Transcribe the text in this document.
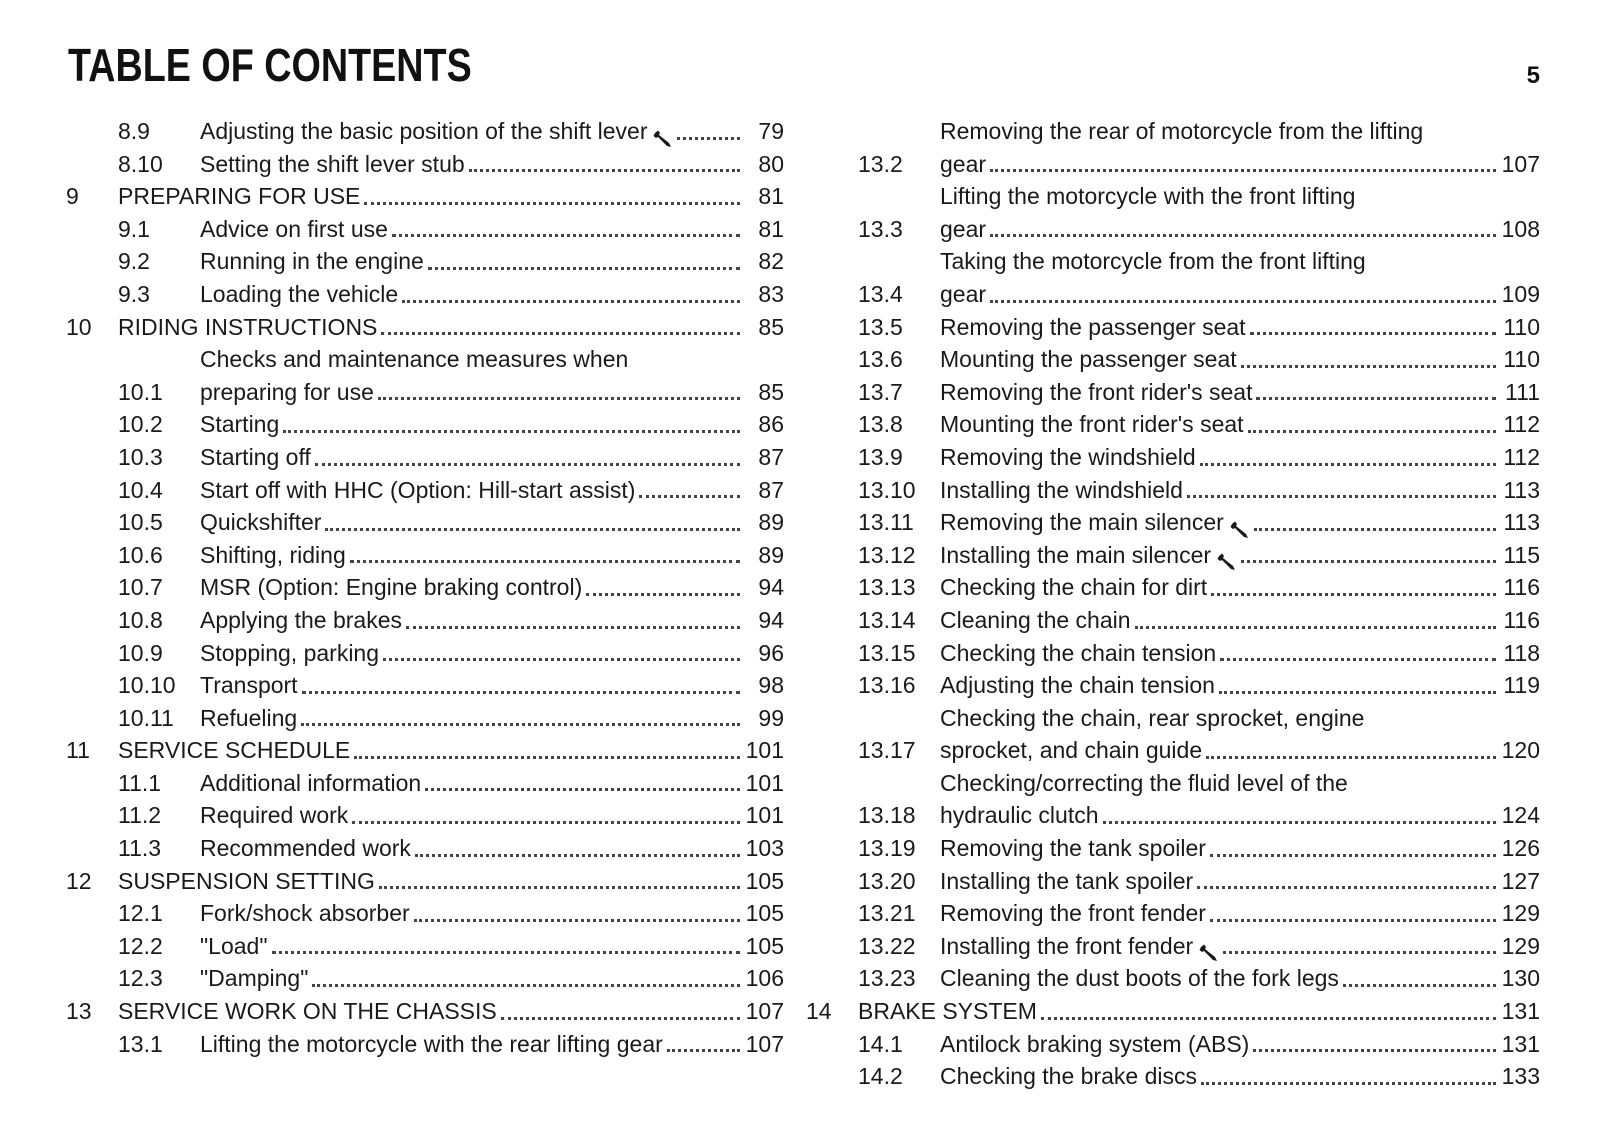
TABLE OF CONTENTS	5
8.9	Adjusting the basic position of the shift lever	79
8.10	Setting the shift lever stub	80
9	PREPARING FOR USE	81
9.1	Advice on first use	81
9.2	Running in the engine	82
9.3	Loading the vehicle	83
10	RIDING INSTRUCTIONS	85
10.1
Checks and maintenance measures when
preparing for use	85
10.2	Starting	86
10.3	Starting off	87
10.4	Start off with HHC (Option: Hill-start assist)	87
10.5	Quickshifter	89
10.6	Shifting, riding	89
10.7	MSR (Option: Engine braking control)	94
10.8	Applying the brakes	94
10.9	Stopping, parking	96
10.10	Transport	98
10.11	Refueling	99
11	SERVICE SCHEDULE	101
11.1	Additional information	101
11.2	Required work	101
11.3	Recommended work	103
12	SUSPENSION SETTING	105
12.1	Fork/shock absorber	105
12.2	"Load"	105
12.3	"Damping"	106
13	SERVICE WORK ON THE CHASSIS	107
13.1	Lifting the motorcycle with the rear lifting gear	107
13.2
Removing the rear of motorcycle from the lifting
gear	107
13.3
Lifting the motorcycle with the front lifting
gear	108
13.4
Taking the motorcycle from the front lifting
gear	109
13.5	Removing the passenger seat	110
13.6	Mounting the passenger seat	110
13.7	Removing the front rider's seat	111
13.8	Mounting the front rider's seat	112
13.9	Removing the windshield	112
13.10	Installing the windshield	113
13.11	Removing the main silencer	113
13.12	Installing the main silencer	115
13.13	Checking the chain for dirt	116
13.14	Cleaning the chain	116
13.15	Checking the chain tension	118
13.16	Adjusting the chain tension	119
13.17
Checking the chain, rear sprocket, engine
sprocket, and chain guide	120
13.18
Checking/correcting the fluid level of the
hydraulic clutch	124
13.19	Removing the tank spoiler	126
13.20	Installing the tank spoiler	127
13.21	Removing the front fender	129
13.22	Installing the front fender	129
13.23	Cleaning the dust boots of the fork legs	130
14	BRAKE SYSTEM	131
14.1	Antilock braking system (ABS)	131
14.2	Checking the brake discs	133
